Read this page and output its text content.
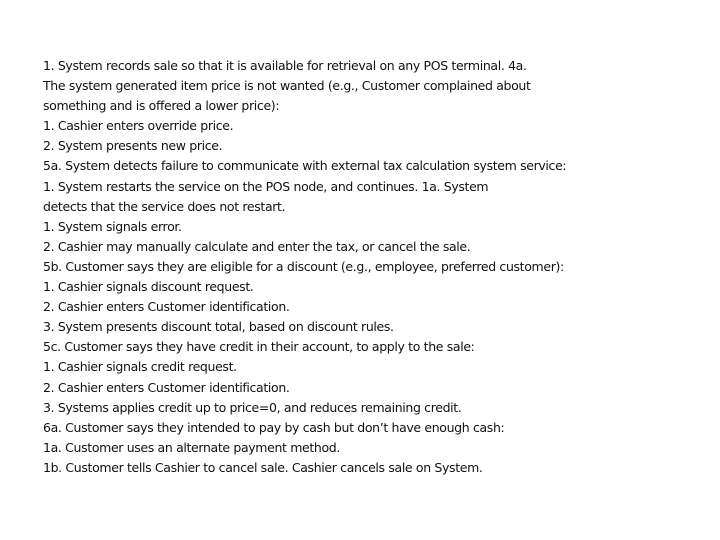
1. System records sale so that it is available for retrieval on any POS terminal. 4a.
The system generated item price is not wanted (e.g., Customer complained about
something and is offered a lower price):
1. Cashier enters override price.
2. System presents new price.
5a. System detects failure to communicate with external tax calculation system service:
1. System restarts the service on the POS node, and continues. 1a. System
detects that the service does not restart.
1. System signals error.
2. Cashier may manually calculate and enter the tax, or cancel the sale.
5b. Customer says they are eligible for a discount (e.g., employee, preferred customer):
1. Cashier signals discount request.
2. Cashier enters Customer identification.
3. System presents discount total, based on discount rules.
5c. Customer says they have credit in their account, to apply to the sale:
1. Cashier signals credit request.
2. Cashier enters Customer identification.
3. Systems applies credit up to price=0, and reduces remaining credit.
6a. Customer says they intended to pay by cash but don’t have enough cash:
1a. Customer uses an alternate payment method.
1b. Customer tells Cashier to cancel sale. Cashier cancels sale on System.
